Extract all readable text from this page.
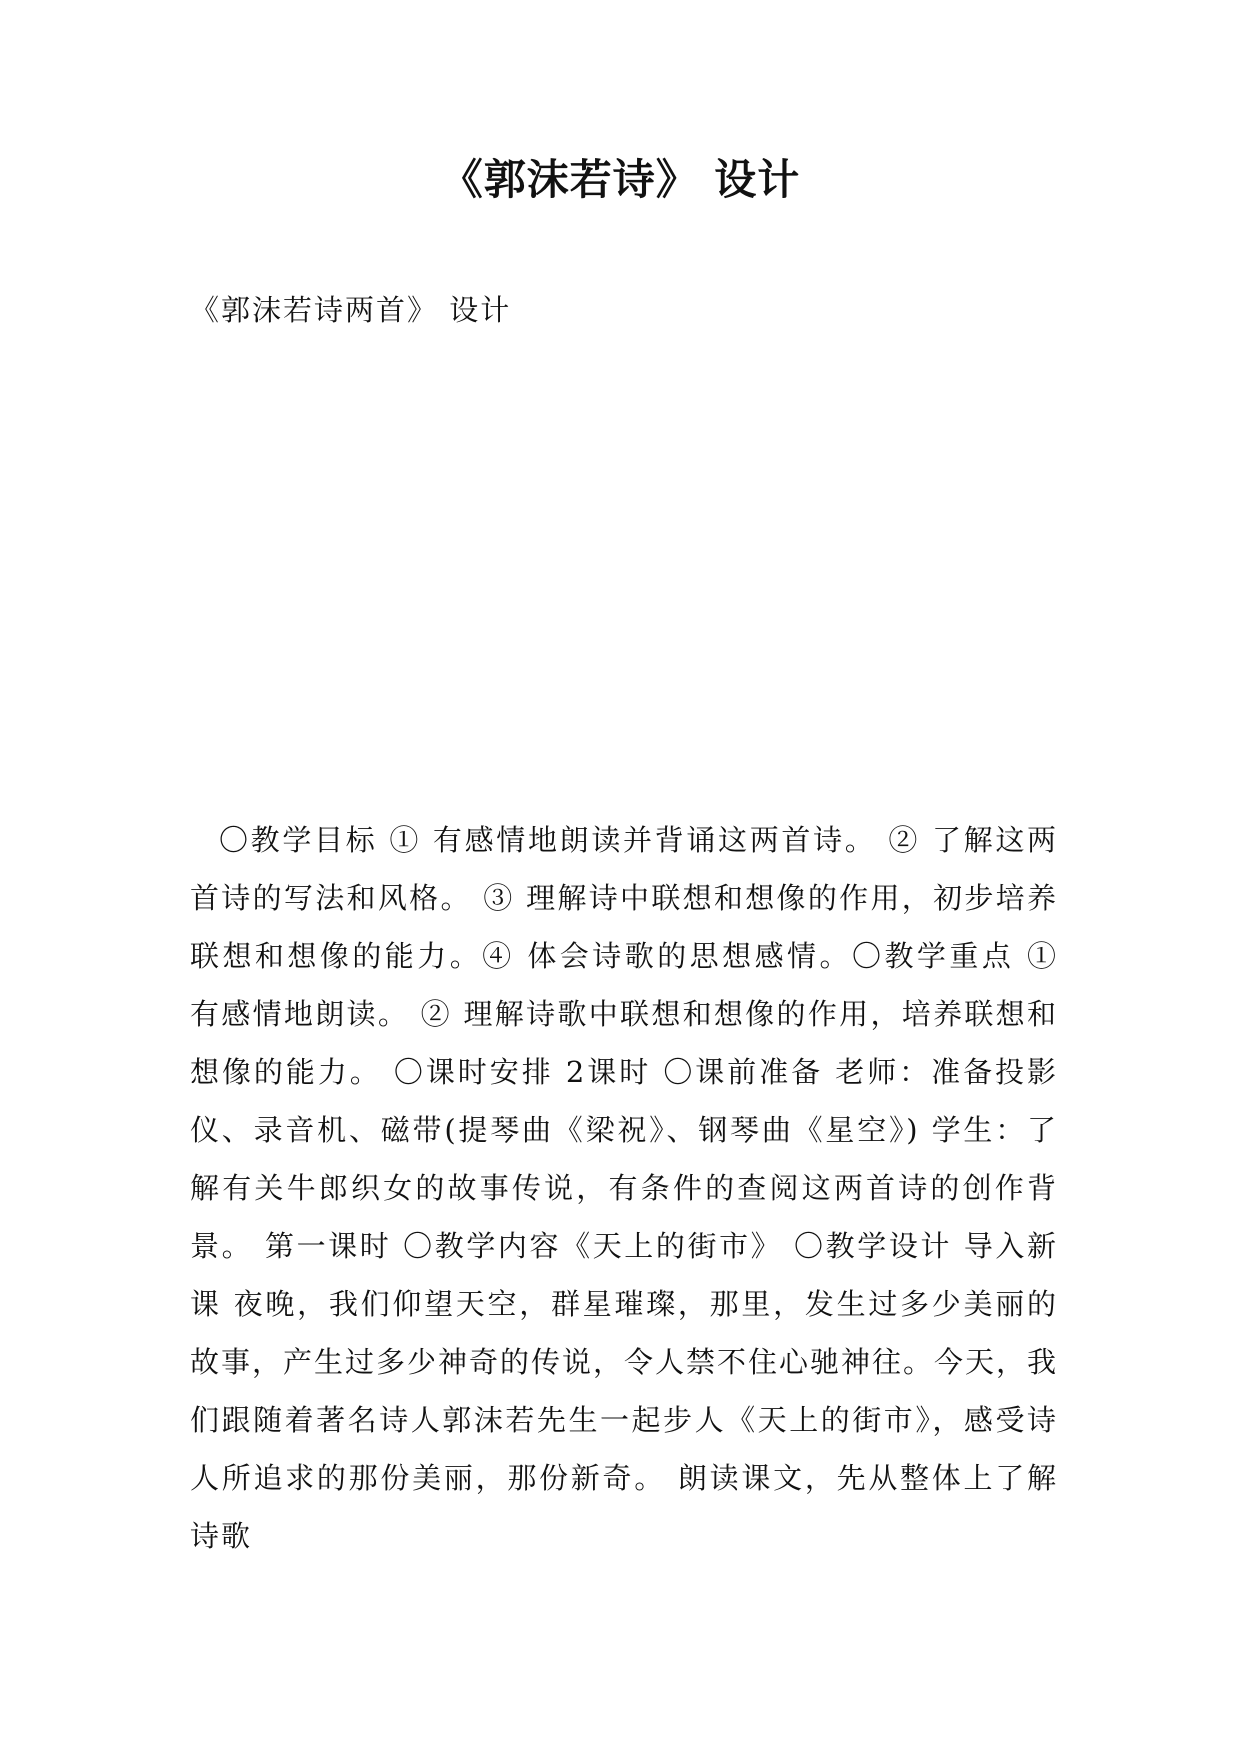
《郭沫若诗》 设计
《郭沫若诗两首》 设计
〇教学目标 ① 有感情地朗读并背诵这两首诗。 ② 了解这两首诗的写法和风格。 ③ 理解诗中联想和想像的作用，初步培养联想和想像的能力。④ 体会诗歌的思想感情。〇教学重点 ① 有感情地朗读。 ② 理解诗歌中联想和想像的作用，培养联想和想像的能力。 〇课时安排 2课时 〇课前准备 老师：准备投影仪、录音机、磁带(提琴曲《梁祝》、钢琴曲《星空》) 学生：了解有关牛郎织女的故事传说，有条件的查阅这两首诗的创作背景。 第一课时 〇教学内容《天上的街市》 〇教学设计 导入新课 夜晚，我们仰望天空，群星璀璨，那里，发生过多少美丽的故事，产生过多少神奇的传说，令人禁不住心驰神往。今天，我们跟随着著名诗人郭沫若先生一起步人《天上的街市》，感受诗人所追求的那份美丽，那份新奇。 朗读课文，先从整体上了解诗歌
